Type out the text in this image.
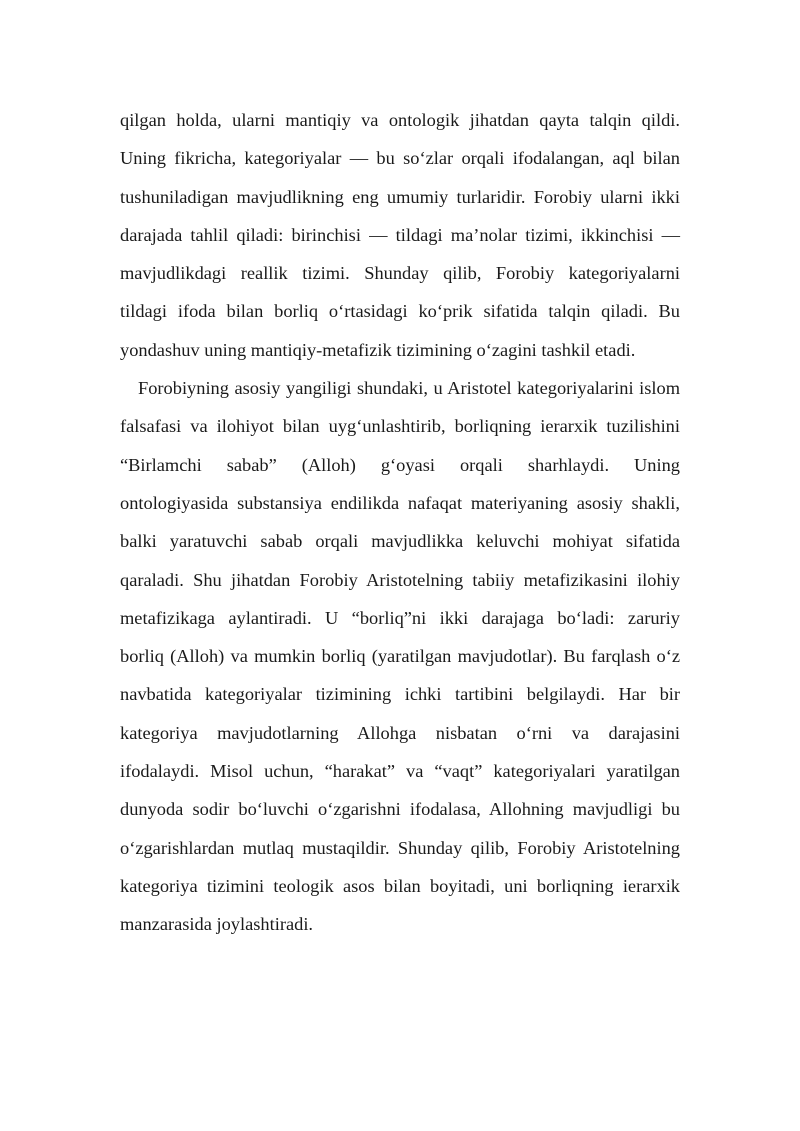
qilgan holda, ularni mantiqiy va ontologik jihatdan qayta talqin qildi.
Uning fikricha, kategoriyalar — bu so‘zlar orqali ifodalangan, aql bilan
tushuniladigan mavjudlikning eng umumiy turlaridir. Forobiy ularni ikki
darajada tahlil qiladi: birinchisi — tildagi ma’nolar tizimi, ikkinchisi —
mavjudlikdagi reallik tizimi. Shunday qilib, Forobiy kategoriyalarni
tildagi ifoda bilan borliq o‘rtasidagi ko‘prik sifatida talqin qiladi. Bu
yondashuv uning mantiqiy-metafizik tizimining o‘zagini tashkil etadi.
Forobiyning asosiy yangiligi shundaki, u Aristotel kategoriyalarini islom
falsafasi va ilohiyot bilan uyg‘unlashtirib, borliqning ierarxik tuzilishini
“Birlamchi sabab” (Alloh) g‘oyasi orqali sharhlaydi. Uning
ontologiyasida substansiya endilikda nafaqat materiyaning asosiy shakli,
balki yaratuvchi sabab orqali mavjudlikka keluvchi mohiyat sifatida
qaraladi. Shu jihatdan Forobiy Aristotelning tabiiy metafizikasini ilohiy
metafizikaga aylantiradi. U “borliq”ni ikki darajaga bo‘ladi: zaruriy
borliq (Alloh) va mumkin borliq (yaratilgan mavjudotlar). Bu farqlash o‘z
navbatida kategoriyalar tizimining ichki tartibini belgilaydi. Har bir
kategoriya mavjudotlarning Allohga nisbatan o‘rni va darajasini
ifodalaydi. Misol uchun, “harakat” va “vaqt” kategoriyalari yaratilgan
dunyoda sodir bo‘luvchi o‘zgarishni ifodalasa, Allohning mavjudligi bu
o‘zgarishlardan mutlaq mustaqildir. Shunday qilib, Forobiy Aristotelning
kategoriya tizimini teologik asos bilan boyitadi, uni borliqning ierarxik
manzarasida joylashtiradi.
